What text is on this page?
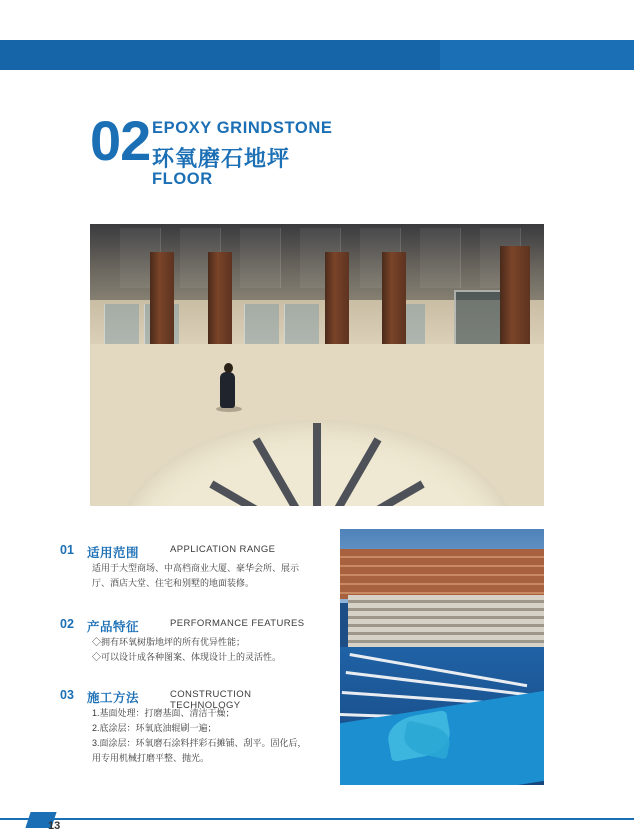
02 EPOXY GRINDSTONE
环氧磨石地坪
FLOOR
01 适用范围	APPLICATION RANGE
适用于大型商场、中高档商业大厦、豪华会所、展示
厅、酒店大堂、住宅和别墅的地面装修。
02 产品特征	PERFORMANCE FEATURES
◇拥有环氧树脂地坪的所有优异性能；
◇可以设计成各种图案、体现设计上的灵活性。
03 施工方法	CONSTRUCTION TECHNOLOGY
1.基面处理：打磨基面、清洁干燥；
2.底涂层：环氧底油辊刷一遍；
3.面涂层：环氧磨石涂料拌彩石摊铺、刮平。固化后，
用专用机械打磨平整、抛光。
13
